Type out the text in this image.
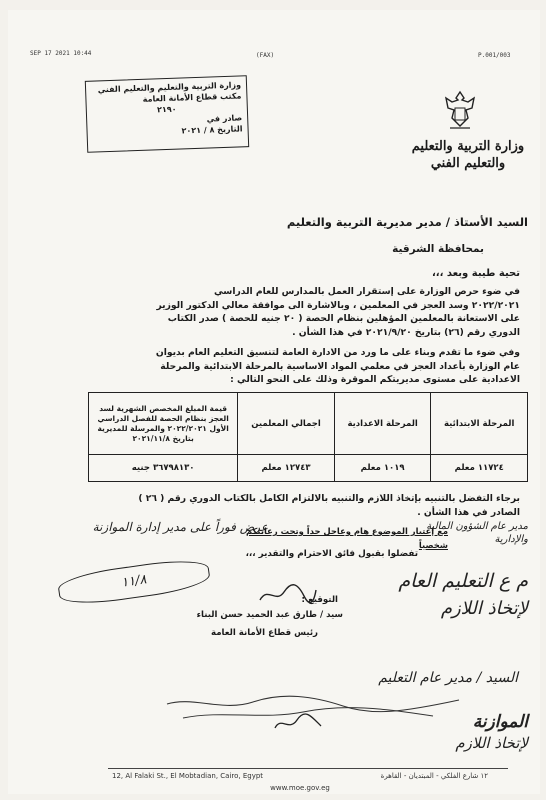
SEP 17 2021 10:44	(FAX)	P.001/003
وزارة التربية والتعليم والتعليم الفني
مكتب قطاع الأمانة العامة
٢١٩٠
صادر في
التاريخ ٨ / ٢٠٢١
وزارة التربية والتعليم
والتعليم الفني
السيد الأستاذ / مدير مديرية التربية والتعليم
بمحافظة الشرقية
تحية طيبة وبعد ،،،
في ضوء حرص الوزارة على إستقرار العمل بالمدارس للعام الدراسي
٢٠٢٢/٢٠٢١ وسد العجز في المعلمين ، وبالاشارة الى موافقة معالي الدكتور الوزير
على الاستعانة بالمعلمين المؤهلين بنظام الحصة ( ٢٠ جنيه للحصة ) صدر الكتاب
الدوري رقم (٢٦) بتاريخ ٢٠٢١/٩/٢٠ في هذا الشأن .
وفي ضوء ما تقدم وبناء على ما ورد من الادارة العامة لتنسيق التعليم العام بديوان
عام الوزارة بأعداد العجز في معلمي المواد الاساسية بالمرحلة الابتدائية والمرحلة
الاعدادية على مستوى مديريتكم الموقرة وذلك على النحو التالي :
المرحلة الابتدائية	المرحلة الاعدادية	اجمالي المعلمين	قيمة المبلغ المخصص الشهرية لسد العجز بنظام الحصة للفصل الدراسي الأول ٢٠٢٢/٢٠٢١ والمرسلة للمديرية بتاريخ ٢٠٢١/١١/٨
١١٧٢٤ معلم	١٠١٩ معلم	١٢٧٤٣ معلم	٣٦٧٩٨١٣٠ جنيه
برجاء التفضل بالتنبيه بإتخاذ اللازم والتنبيه بالالتزام الكامل بالكتاب الدوري رقم ( ٢٦ )
الصادر في هذا الشأن .
عرض فوراً على مدير إدارة الموازنة
مع إعتبار الموضوع هام وعاجل جداً وتحت رعايتكم شخصياً
تفضلوا بقبول فائق الاحترام والتقدير ،،،
مدير عام الشؤون المالية والإدارية
م ع التعليم العام
لإتخاذ اللازم
١١/٨
التوقيع :
سيد / طارق عبد الحميد حسن البناء
رئيس قطاع الأمانة العامة
السيد / مدير عام التعليم
الموازنة
لإتخاذ اللازم
12, Al Falaki St., El Mobtadian, Cairo, Egypt	١٢ شارع الفلكي - المبتديان - القاهرة
www.moe.gov.eg
